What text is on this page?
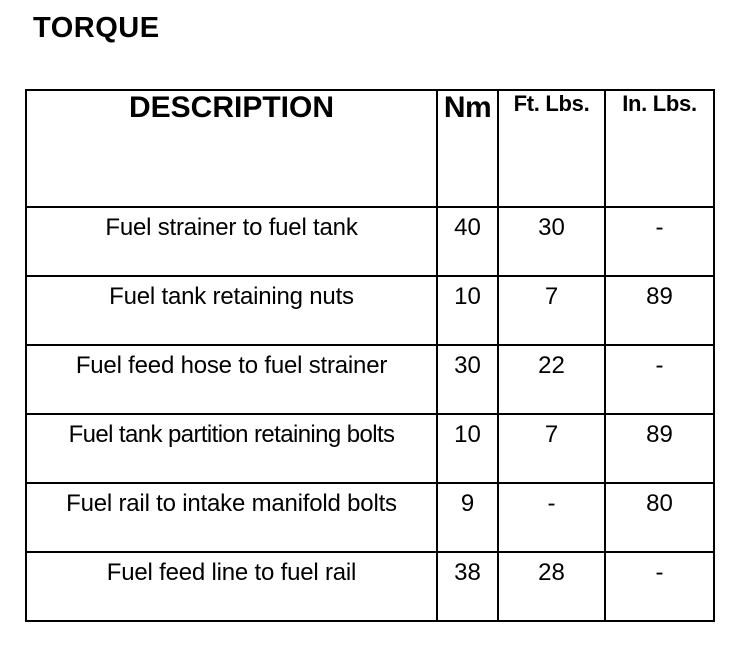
TORQUE
DESCRIPTION	Nm	Ft. Lbs.	In. Lbs.
Fuel strainer to fuel tank	40	30	-
Fuel tank retaining nuts	10	7	89
Fuel feed hose to fuel strainer	30	22	-
Fuel tank partition retaining bolts	10	7	89
Fuel rail to intake manifold bolts	9	-	80
Fuel feed line to fuel rail	38	28	-
